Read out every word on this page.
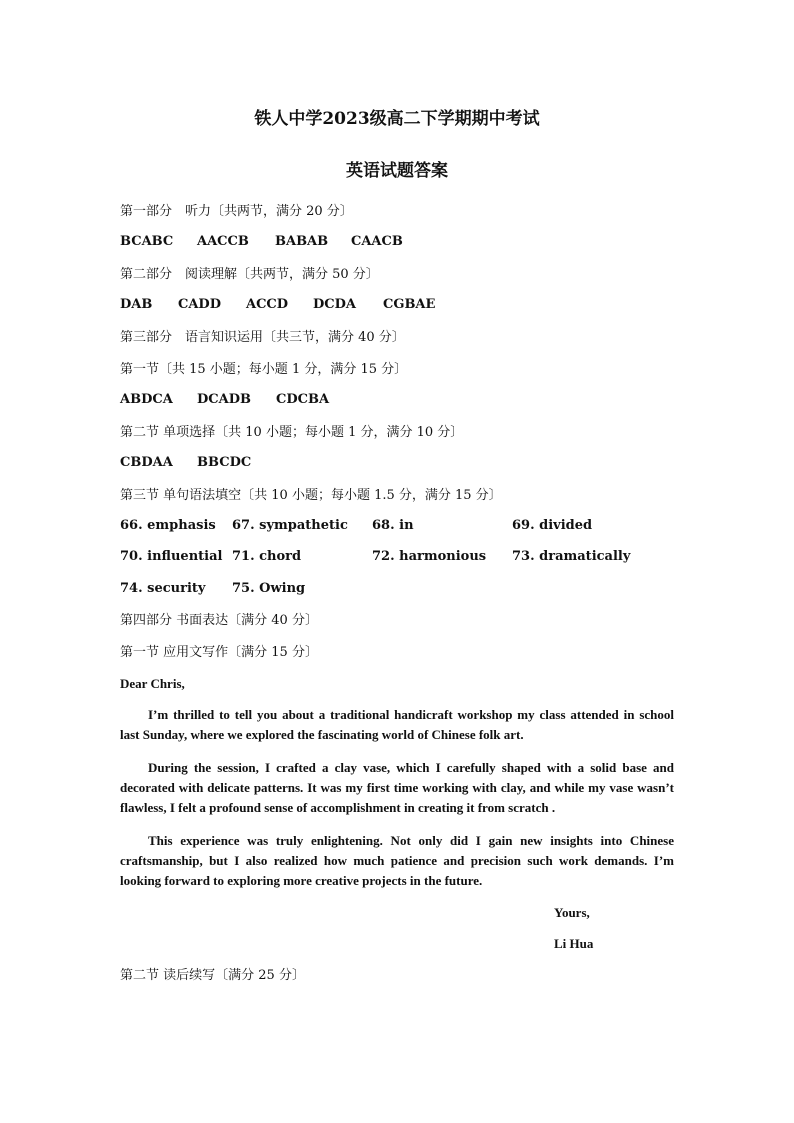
铁人中学2023级高二下学期期中考试
英语试题答案
第一部分　听力〔共两节，满分 20 分〕
BCABC AACCB BABAB CAACB
第二部分　阅读理解〔共两节，满分 50 分〕
DAB CADD ACCD DCDA CGBAE
第三部分　语言知识运用〔共三节，满分 40 分〕
第一节〔共 15 小题；每小题 1 分，满分 15 分〕
ABDCA DCADB CDCBA
第二节 单项选择〔共 10 小题；每小题 1 分，满分 10 分〕
CBDAA BBCDC
第三节 单句语法填空〔共 10 小题；每小题 1.5 分，满分 15 分〕
66. emphasis 67. sympathetic 68. in	69. divided
70. influential 71. chord	72. harmonious 73. dramatically
74. security 75. Owing
第四部分 书面表达〔满分 40 分〕
第一节 应用文写作〔满分 15 分〕
Dear Chris,
I’m thrilled to tell you about a traditional handicraft workshop my class attended in school last Sunday, where we explored the fascinating world of Chinese folk art.
During the session, I crafted a clay vase, which I carefully shaped with a solid base and decorated with delicate patterns. It was my first time working with clay, and while my vase wasn’t flawless, I felt a profound sense of accomplishment in creating it from scratch .
This experience was truly enlightening. Not only did I gain new insights into Chinese craftsmanship, but I also realized how much patience and precision such work demands. I’m looking forward to exploring more creative projects in the future.
Yours,
Li Hua
第二节 读后续写〔满分 25 分〕
